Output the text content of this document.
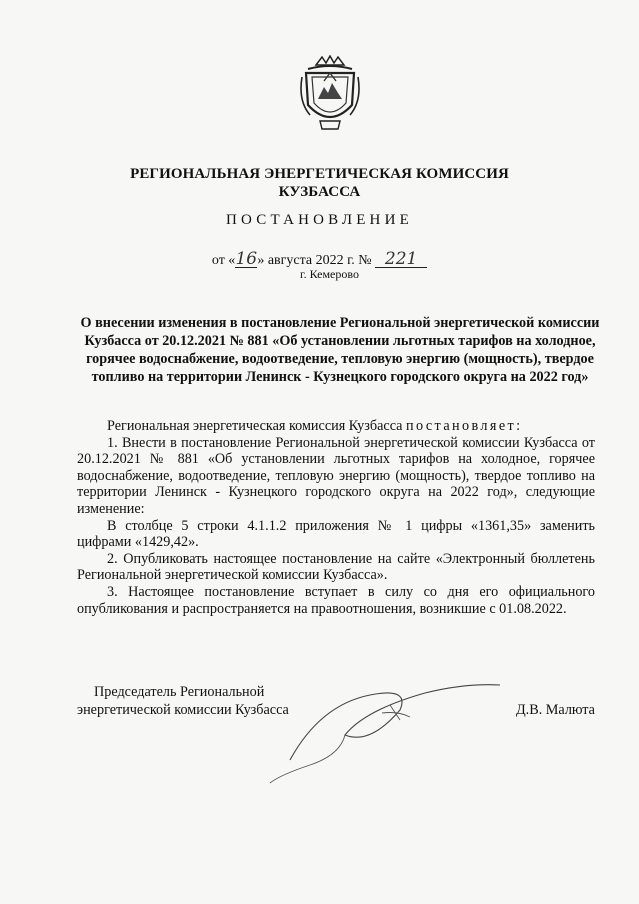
РЕГИОНАЛЬНАЯ ЭНЕРГЕТИЧЕСКАЯ КОМИССИЯ
КУЗБАССА
ПОСТАНОВЛЕНИЕ
от «16» августа 2022 г. № 221
г. Кемерово
О внесении изменения в постановление Региональной энергетической комиссии Кузбасса от 20.12.2021 № 881 «Об установлении льготных тарифов на холодное, горячее водоснабжение, водоотведение, тепловую энергию (мощность), твердое топливо на территории Ленинск - Кузнецкого городского округа на 2022 год»

Региональная энергетическая комиссия Кузбасса постановляет:

1. Внести в постановление Региональной энергетической комиссии Кузбасса от 20.12.2021 № 881 «Об установлении льготных тарифов на холодное, горячее водоснабжение, водоотведение, тепловую энергию (мощность), твердое топливо на территории Ленинск - Кузнецкого городского округа на 2022 год», следующие изменение:

В столбце 5 строки 4.1.1.2 приложения № 1 цифры «1361,35» заменить цифрами «1429,42».

2. Опубликовать настоящее постановление на сайте «Электронный бюллетень Региональной энергетической комиссии Кузбасса».

3. Настоящее постановление вступает в силу со дня его официального опубликования и распространяется на правоотношения, возникшие с 01.08.2022.

Председатель Региональной
энергетической комиссии Кузбасса	Д.В. Малюта
